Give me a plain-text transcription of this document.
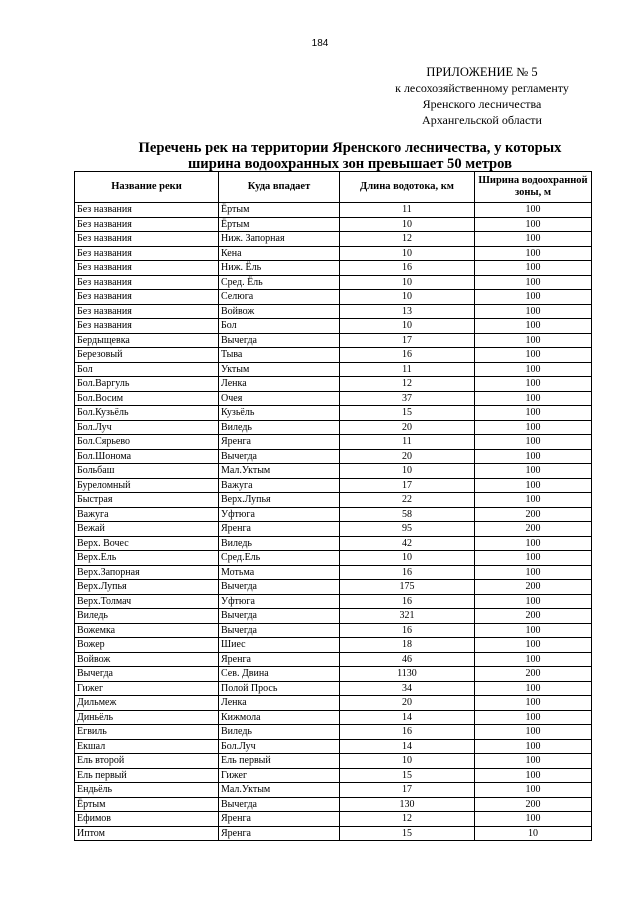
184
ПРИЛОЖЕНИЕ № 5
к лесохозяйственному регламенту
Яренского лесничества
Архангельской области
Перечень рек на территории Яренского лесничества, у которых
ширина водоохранных зон превышает 50 метров
Название реки	Куда впадает	Длина водотока, км	Ширина водоохранной зоны, м
Без названия	Ёртым	11	100
Без названия	Ёртым	10	100
Без названия	Ниж. Запорная	12	100
Без названия	Кена	10	100
Без названия	Ниж. Ёль	16	100
Без названия	Сред. Ёль	10	100
Без названия	Селюга	10	100
Без названия	Войвож	13	100
Без названия	Бол	10	100
Бердыщевка	Вычегда	17	100
Березовый	Тыва	16	100
Бол	Уктым	11	100
Бол.Варгуль	Ленка	12	100
Бол.Восим	Очея	37	100
Бол.Кузьёль	Кузьёль	15	100
Бол.Луч	Виледь	20	100
Бол.Сярьево	Яренга	11	100
Бол.Шонома	Вычегда	20	100
Больбаш	Мал.Уктым	10	100
Буреломный	Важуга	17	100
Быстрая	Верх.Лупья	22	100
Важуга	Уфтюга	58	200
Вежай	Яренга	95	200
Верх. Вочес	Виледь	42	100
Верх.Ель	Сред.Ель	10	100
Верх.Запорная	Мотьма	16	100
Верх.Лупья	Вычегда	175	200
Верх.Толмач	Уфтюга	16	100
Виледь	Вычегда	321	200
Вожемка	Вычегда	16	100
Вожер	Шиес	18	100
Войвож	Яренга	46	100
Вычегда	Сев. Двина	1130	200
Гижег	Полой Прось	34	100
Дильмеж	Ленка	20	100
Диньёль	Кижмола	14	100
Егвиль	Виледь	16	100
Екшал	Бол.Луч	14	100
Ель второй	Ель первый	10	100
Ель первый	Гижег	15	100
Ендьёль	Мал.Уктым	17	100
Ёртым	Вычегда	130	200
Ефимов	Яренга	12	100
Иптом	Яренга	15	10
